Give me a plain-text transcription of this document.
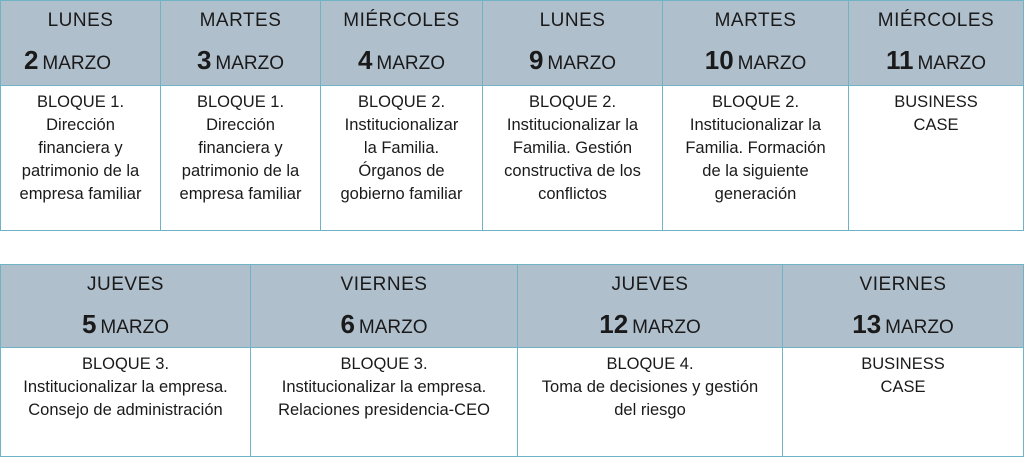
LUNES
2 MARZO
MARTES
3 MARZO
MIÉRCOLES
4 MARZO
LUNES
9 MARZO
MARTES
10 MARZO
MIÉRCOLES
11 MARZO
BLOQUE 1.
Dirección
financiera y
patrimonio de la
empresa familiar
BLOQUE 1.
Dirección
financiera y
patrimonio de la
empresa familiar
BLOQUE 2.
Institucionalizar
la Familia.
Órganos de
gobierno familiar
BLOQUE 2.
Institucionalizar la
Familia. Gestión
constructiva de los
conflictos
BLOQUE 2.
Institucionalizar la
Familia. Formación
de la siguiente
generación
BUSINESS
CASE
JUEVES
5 MARZO
VIERNES
6 MARZO
JUEVES
12 MARZO
VIERNES
13 MARZO
BLOQUE 3.
Institucionalizar la empresa.
Consejo de administración
BLOQUE 3.
Institucionalizar la empresa.
Relaciones presidencia-CEO
BLOQUE 4.
Toma de decisiones y gestión
del riesgo
BUSINESS
CASE
